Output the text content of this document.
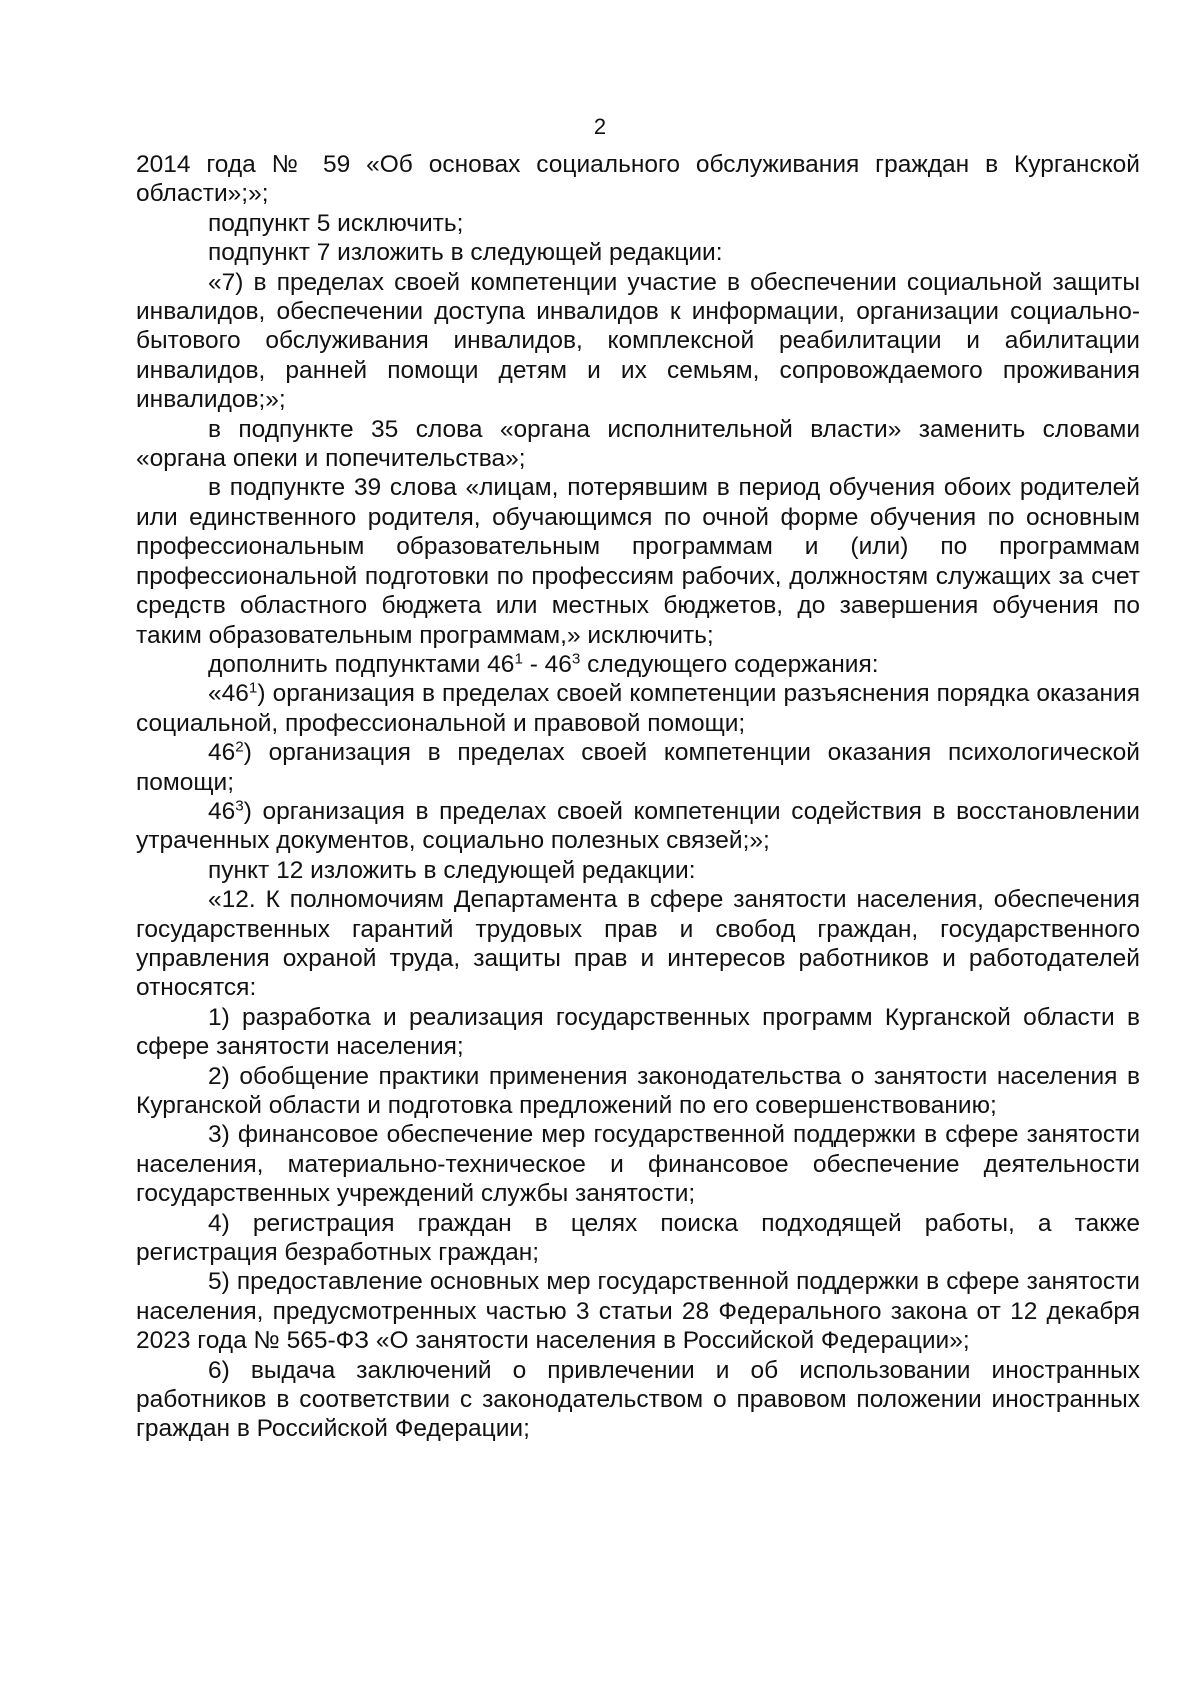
2

2014 года № 59 «Об основах социального обслуживания граждан в Курганской области»;»;

подпункт 5 исключить;

подпункт 7 изложить в следующей редакции:

«7) в пределах своей компетенции участие в обеспечении социальной защиты инвалидов, обеспечении доступа инвалидов к информации, организации социально-бытового обслуживания инвалидов, комплексной реабилитации и абилитации инвалидов, ранней помощи детям и их семьям, сопровождаемого проживания инвалидов;»;

в подпункте 35 слова «органа исполнительной власти» заменить словами «органа опеки и попечительства»;

в подпункте 39 слова «лицам, потерявшим в период обучения обоих родителей или единственного родителя, обучающимся по очной форме обучения по основным профессиональным образовательным программам и (или) по программам профессиональной подготовки по профессиям рабочих, должностям служащих за счет средств областного бюджета или местных бюджетов, до завершения обучения по таким образовательным программам,» исключить;

дополнить подпунктами $46^1 - 46^3$ следующего содержания:

«$46^1$) организация в пределах своей компетенции разъяснения порядка оказания социальной, профессиональной и правовой помощи;

$46^2$) организация в пределах своей компетенции оказания психологической помощи;

$46^3$) организация в пределах своей компетенции содействия в восстановлении утраченных документов, социально полезных связей;»;

пункт 12 изложить в следующей редакции:

«12. К полномочиям Департамента в сфере занятости населения, обеспечения государственных гарантий трудовых прав и свобод граждан, государственного управления охраной труда, защиты прав и интересов работников и работодателей относятся:

1) разработка и реализация государственных программ Курганской области в сфере занятости населения;

2) обобщение практики применения законодательства о занятости населения в Курганской области и подготовка предложений по его совершенствованию;

3) финансовое обеспечение мер государственной поддержки в сфере занятости населения, материально-техническое и финансовое обеспечение деятельности государственных учреждений службы занятости;

4) регистрация граждан в целях поиска подходящей работы, а также регистрация безработных граждан;

5) предоставление основных мер государственной поддержки в сфере занятости населения, предусмотренных частью 3 статьи 28 Федерального закона от 12 декабря 2023 года № 565-ФЗ «О занятости населения в Российской Федерации»;

6) выдача заключений о привлечении и об использовании иностранных работников в соответствии с законодательством о правовом положении иностранных граждан в Российской Федерации;
